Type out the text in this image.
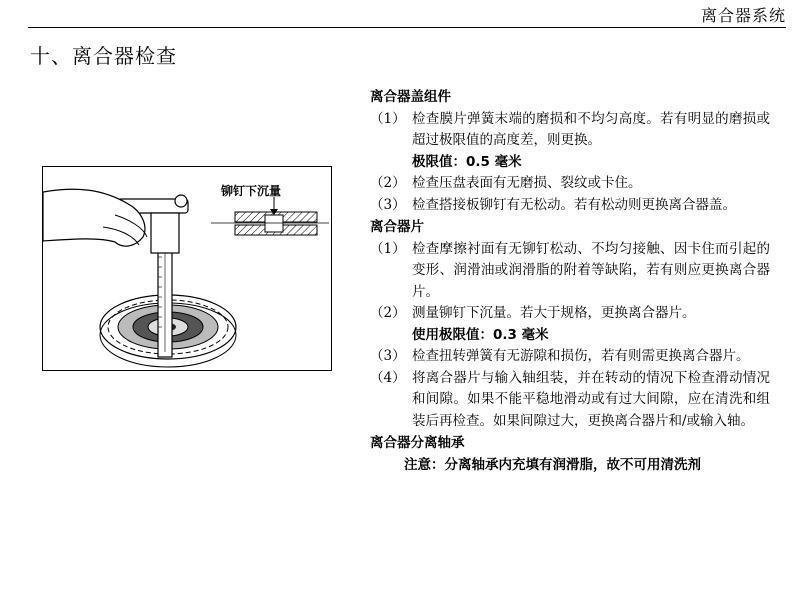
离合器系统
十、离合器检查
铆钉下沉量
离合器盖组件
（1） 检查膜片弹簧末端的磨损和不均匀高度。若有明显的磨损或超过极限值的高度差，则更换。
极限值：0.5 毫米
（2） 检查压盘表面有无磨损、裂纹或卡住。
（3） 检查搭接板铆钉有无松动。若有松动则更换离合器盖。
离合器片
（1） 检查摩擦衬面有无铆钉松动、不均匀接触、因卡住而引起的变形、润滑油或润滑脂的附着等缺陷，若有则应更换离合器片。
（2） 测量铆钉下沉量。若大于规格，更换离合器片。
使用极限值：0.3 毫米
（3） 检查扭转弹簧有无游隙和损伤，若有则需更换离合器片。
（4） 将离合器片与输入轴组装，并在转动的情况下检查滑动情况和间隙。如果不能平稳地滑动或有过大间隙，应在清洗和组装后再检查。如果间隙过大，更换离合器片和/或输入轴。
离合器分离轴承
注意：分离轴承内充填有润滑脂，故不可用清洗剂
